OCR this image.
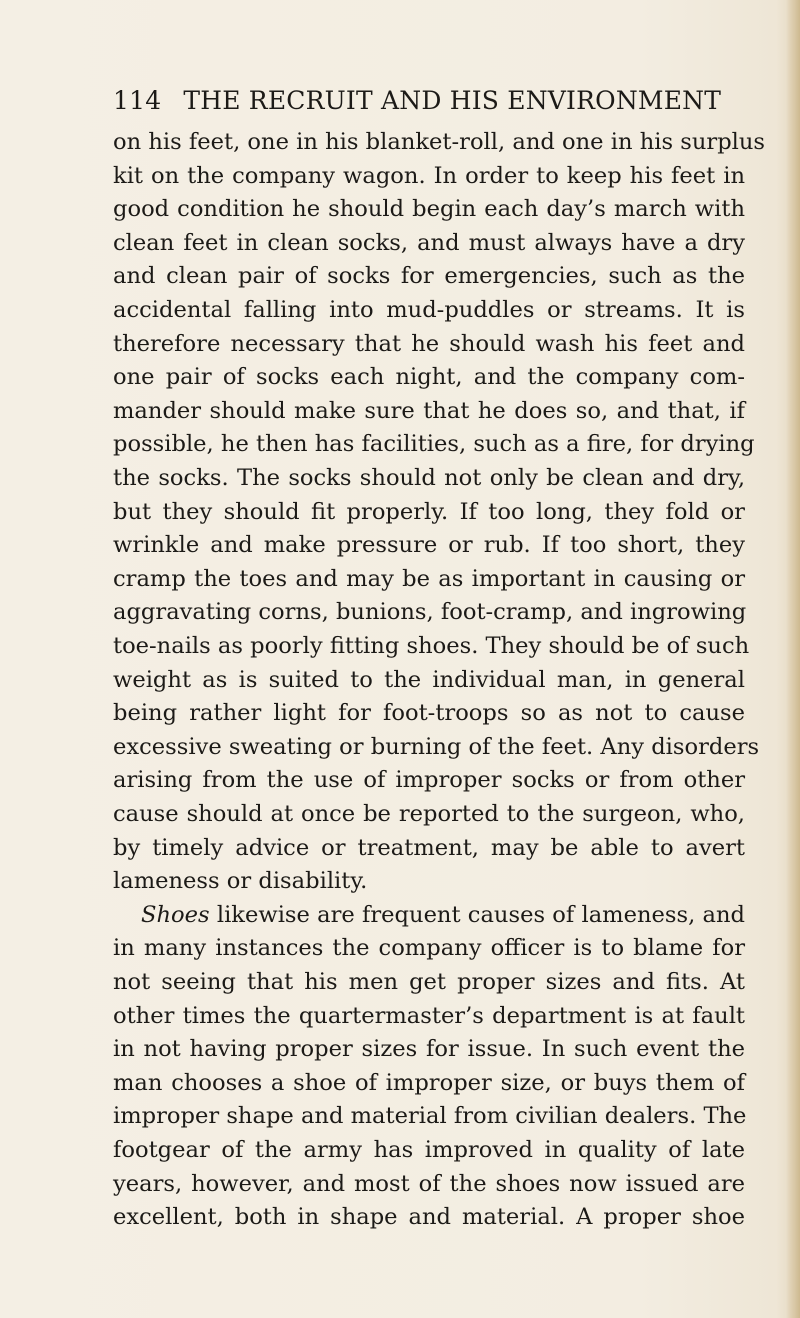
114 THE RECRUIT AND HIS ENVIRONMENT
on his feet, one in his blanket-roll, and one in his surplus
kit on the company wagon. In order to keep his feet in
good condition he should begin each day’s march with
clean feet in clean socks, and must always have a dry
and clean pair of socks for emergencies, such as the
accidental falling into mud-puddles or streams. It is
therefore necessary that he should wash his feet and
one pair of socks each night, and the company com-
mander should make sure that he does so, and that, if
possible, he then has facilities, such as a fire, for drying
the socks. The socks should not only be clean and dry,
but they should fit properly. If too long, they fold or
wrinkle and make pressure or rub. If too short, they
cramp the toes and may be as important in causing or
aggravating corns, bunions, foot-cramp, and ingrowing
toe-nails as poorly fitting shoes. They should be of such
weight as is suited to the individual man, in general
being rather light for foot-troops so as not to cause
excessive sweating or burning of the feet. Any disorders
arising from the use of improper socks or from other
cause should at once be reported to the surgeon, who,
by timely advice or treatment, may be able to avert
lameness or disability.
Shoes likewise are frequent causes of lameness, and
in many instances the company officer is to blame for
not seeing that his men get proper sizes and fits. At
other times the quartermaster’s department is at fault
in not having proper sizes for issue. In such event the
man chooses a shoe of improper size, or buys them of
improper shape and material from civilian dealers. The
footgear of the army has improved in quality of late
years, however, and most of the shoes now issued are
excellent, both in shape and material. A proper shoe
